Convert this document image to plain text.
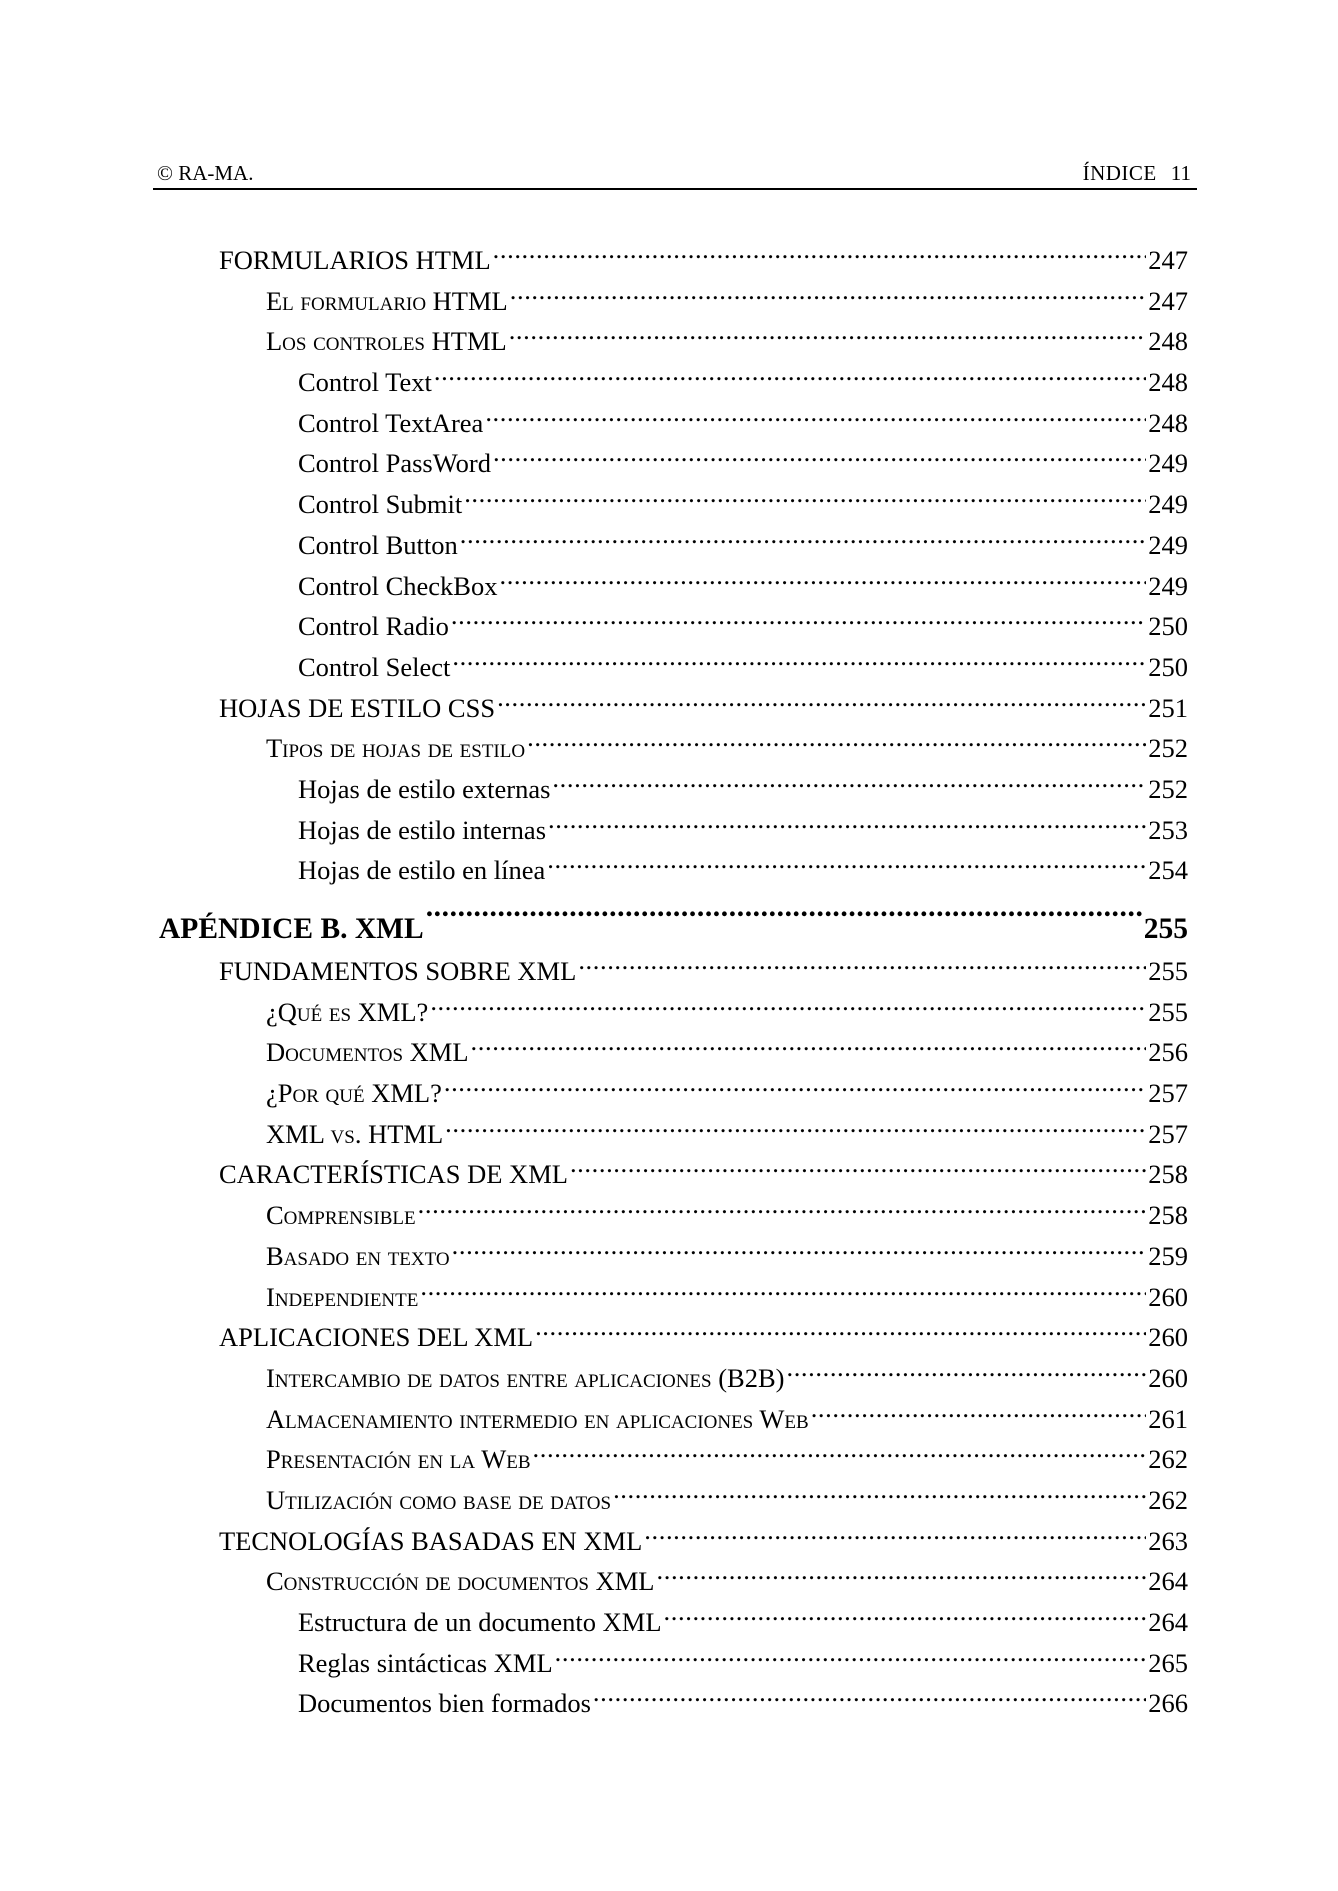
© RA-MA.	ÍNDICE 11
FORMULARIOS HTML .....	247
El formulario HTML .....	247
Los controles HTML .....	248
Control Text .....	248
Control TextArea .....	248
Control PassWord .....	249
Control Submit .....	249
Control Button .....	249
Control CheckBox .....	249
Control Radio .....	250
Control Select .....	250
HOJAS DE ESTILO CSS .....	251
Tipos de hojas de estilo .....	252
Hojas de estilo externas .....	252
Hojas de estilo internas .....	253
Hojas de estilo en línea .....	254
APÉNDICE B. XML .....	255
FUNDAMENTOS SOBRE XML .....	255
¿Qué es XML? .....	255
Documentos XML .....	256
¿Por qué XML? .....	257
XML vs. HTML .....	257
CARACTERÍSTICAS DE XML .....	258
Comprensible .....	258
Basado en texto .....	259
Independiente .....	260
APLICACIONES DEL XML .....	260
Intercambio de datos entre aplicaciones (B2B) .....	260
Almacenamiento intermedio en aplicaciones Web .....	261
Presentación en la Web .....	262
Utilización como base de datos .....	262
TECNOLOGÍAS BASADAS EN XML .....	263
Construcción de documentos XML .....	264
Estructura de un documento XML .....	264
Reglas sintácticas XML .....	265
Documentos bien formados .....	266
